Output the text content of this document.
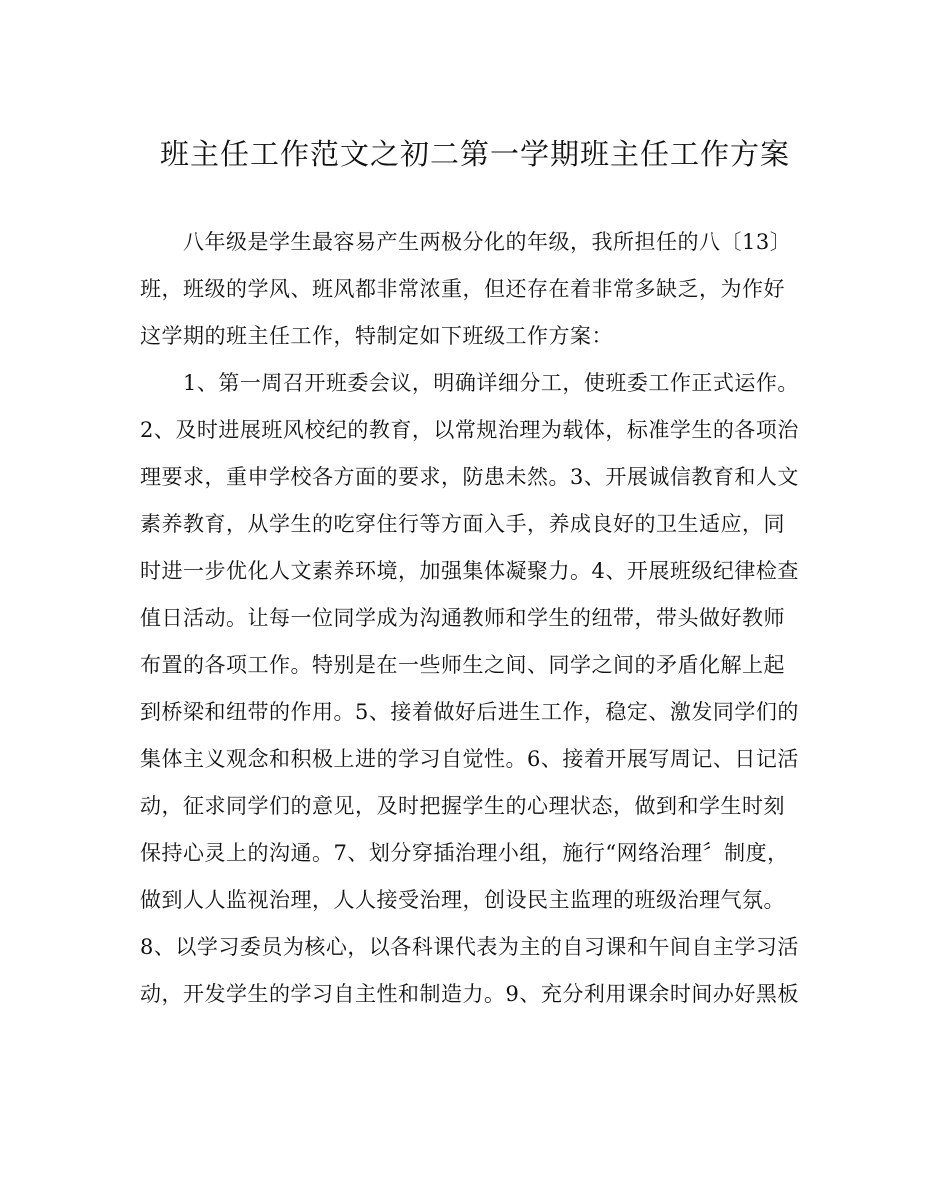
班主任工作范文之初二第一学期班主任工作方案
八年级是学生最容易产生两极分化的年级，我所担任的八〔13〕
班，班级的学风、班风都非常浓重，但还存在着非常多缺乏，为作好
这学期的班主任工作，特制定如下班级工作方案：
1、第一周召开班委会议，明确详细分工，使班委工作正式运作。
2、及时进展班风校纪的教育，以常规治理为载体，标准学生的各项治
理要求，重申学校各方面的要求，防患未然。3、开展诚信教育和人文
素养教育，从学生的吃穿住行等方面入手，养成良好的卫生适应，同
时进一步优化人文素养环境，加强集体凝聚力。4、开展班级纪律检查
值日活动。让每一位同学成为沟通教师和学生的纽带，带头做好教师
布置的各项工作。特别是在一些师生之间、同学之间的矛盾化解上起
到桥梁和纽带的作用。5、接着做好后进生工作，稳定、激发同学们的
集体主义观念和积极上进的学习自觉性。6、接着开展写周记、日记活
动，征求同学们的意见，及时把握学生的心理状态，做到和学生时刻
保持心灵上的沟通。7、划分穿插治理小组，施行“网络治理〞制度，
做到人人监视治理，人人接受治理，创设民主监理的班级治理气氛。
8、以学习委员为核心，以各科课代表为主的自习课和午间自主学习活
动，开发学生的学习自主性和制造力。9、充分利用课余时间办好黑板
